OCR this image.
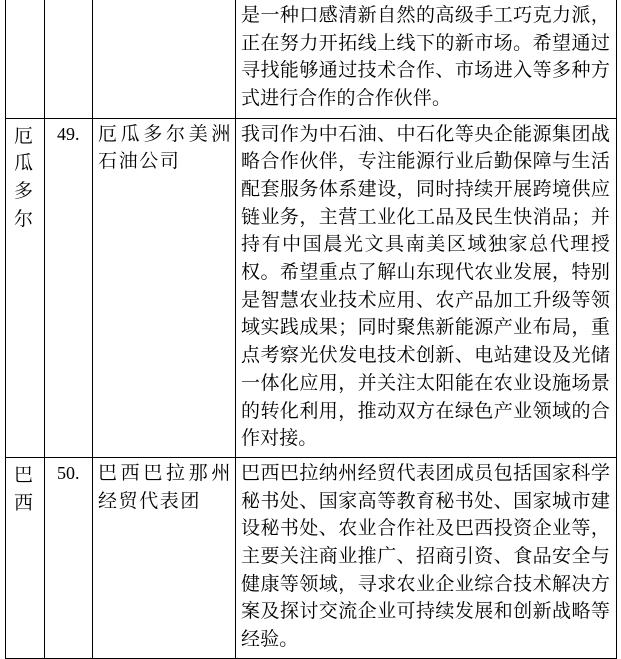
			是一种口感清新自然的高级手工巧克力派，正在努力开拓线上线下的新市场。希望通过寻找能够通过技术合作、市场进入等多种方式进行合作的合作伙伴。

厄瓜多尔	49.	厄瓜多尔美洲石油公司	我司作为中石油、中石化等央企能源集团战略合作伙伴，专注能源行业后勤保障与生活配套服务体系建设，同时持续开展跨境供应链业务，主营工业化工品及民生快消品；并持有中国晨光文具南美区域独家总代理授权。希望重点了解山东现代农业发展，特别是智慧农业技术应用、农产品加工升级等领域实践成果；同时聚焦新能源产业布局，重点考察光伏发电技术创新、电站建设及光储一体化应用，并关注太阳能在农业设施场景的转化利用，推动双方在绿色产业领域的合作对接。

巴西	50.	巴西巴拉那州经贸代表团	巴西巴拉纳州经贸代表团成员包括国家科学秘书处、国家高等教育秘书处、国家城市建设秘书处、农业合作社及巴西投资企业等，主要关注商业推广、招商引资、食品安全与健康等领域，寻求农业企业综合技术解决方案及探讨交流企业可持续发展和创新战略等经验。
